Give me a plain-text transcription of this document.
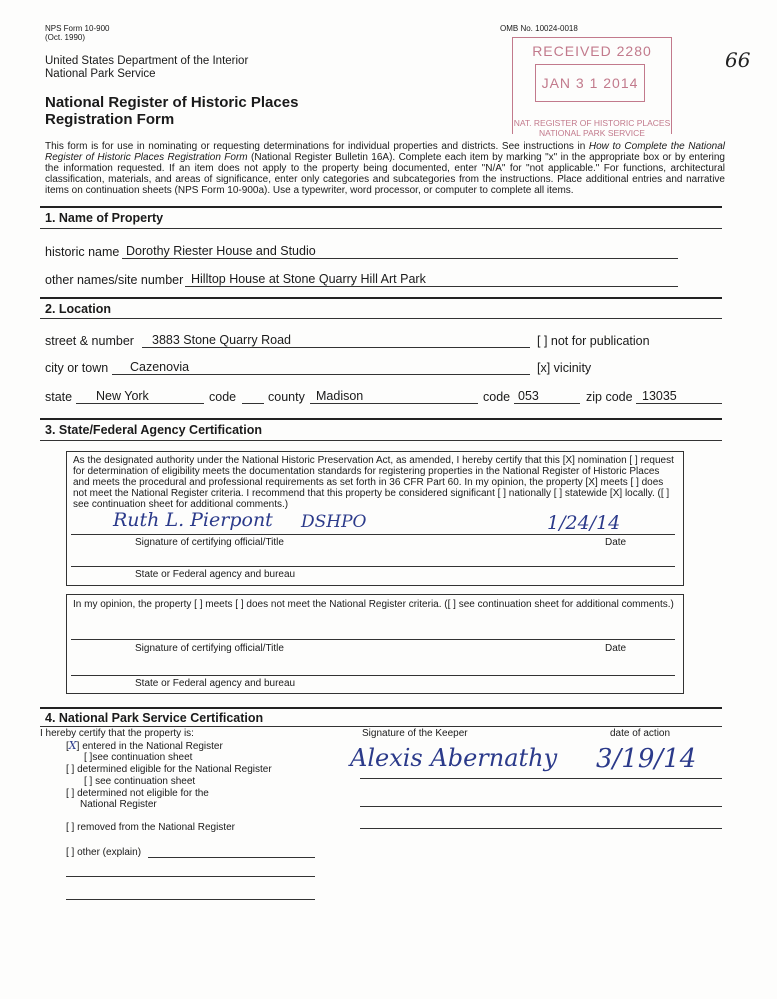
NPS Form 10-900
(Oct. 1990)
OMB No. 10024-0018
United States Department of the Interior
National Park Service
National Register of Historic Places
Registration Form
66
RECEIVED 2280
JAN 3 1 2014
NAT. REGISTER OF HISTORIC PLACES
NATIONAL PARK SERVICE
This form is for use in nominating or requesting determinations for individual properties and districts. See instructions in How to Complete the National Register of Historic Places Registration Form (National Register Bulletin 16A). Complete each item by marking "x" in the appropriate box or by entering the information requested. If an item does not apply to the property being documented, enter "N/A" for "not applicable." For functions, architectural classification, materials, and areas of significance, enter only categories and subcategories from the instructions. Place additional entries and narrative items on continuation sheets (NPS Form 10-900a). Use a typewriter, word processor, or computer to complete all items.
1. Name of Property
historic name Dorothy Riester House and Studio
other names/site number Hilltop House at Stone Quarry Hill Art Park
2. Location
street & number	3883 Stone Quarry Road	[ ] not for publication
city or town	Cazenovia	[x] vicinity
state	New York	code	county Madison	code 053	zip code 13035
3. State/Federal Agency Certification
As the designated authority under the National Historic Preservation Act, as amended, I hereby certify that this [X] nomination [ ] request for determination of eligibility meets the documentation standards for registering properties in the National Register of Historic Places and meets the procedural and professional requirements as set forth in 36 CFR Part 60. In my opinion, the property [X] meets [ ] does not meet the National Register criteria. I recommend that this property be considered significant [ ] nationally [ ] statewide [X] locally. ([ ] see continuation sheet for additional comments.)
Ruth L. Pierpont DSHPO	1/24/14
Signature of certifying official/Title	Date
State or Federal agency and bureau
In my opinion, the property [ ] meets [ ] does not meet the National Register criteria. ([ ] see continuation sheet for additional comments.)
Signature of certifying official/Title	Date
State or Federal agency and bureau
4. National Park Service Certification
I hereby certify that the property is:
[X] entered in the National Register
[ ]see continuation sheet
[ ] determined eligible for the National Register
[ ] see continuation sheet
[ ] determined not eligible for the
National Register
[ ] removed from the National Register
[ ] other (explain)
Signature of the Keeper	date of action
Alexis Abernathy 3/19/14
